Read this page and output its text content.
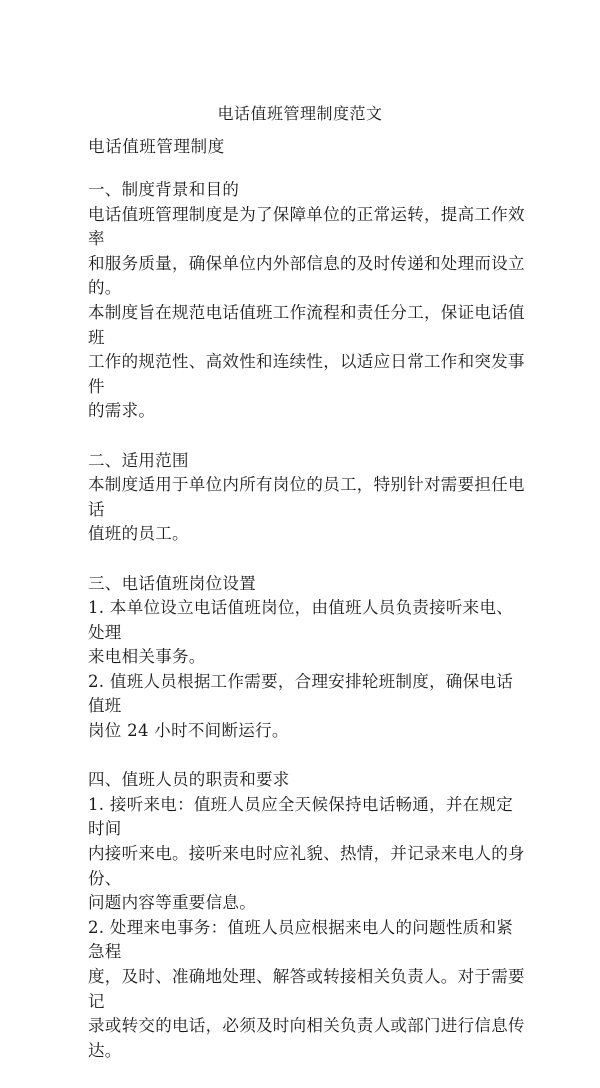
电话值班管理制度范文

电话值班管理制度

一、制度背景和目的

电话值班管理制度是为了保障单位的正常运转，提高工作效率
和服务质量，确保单位内外部信息的及时传递和处理而设立的。
本制度旨在规范电话值班工作流程和责任分工，保证电话值班
工作的规范性、高效性和连续性，以适应日常工作和突发事件
的需求。

二、适用范围

本制度适用于单位内所有岗位的员工，特别针对需要担任电话
值班的员工。

三、电话值班岗位设置

1. 本单位设立电话值班岗位，由值班人员负责接听来电、处理
来电相关事务。

2. 值班人员根据工作需要，合理安排轮班制度，确保电话值班
岗位 24 小时不间断运行。

四、值班人员的职责和要求

1. 接听来电：值班人员应全天候保持电话畅通，并在规定时间
内接听来电。接听来电时应礼貌、热情，并记录来电人的身份、
问题内容等重要信息。

2. 处理来电事务：值班人员应根据来电人的问题性质和紧急程
度，及时、准确地处理、解答或转接相关负责人。对于需要记
录或转交的电话，必须及时向相关负责人或部门进行信息传达。
